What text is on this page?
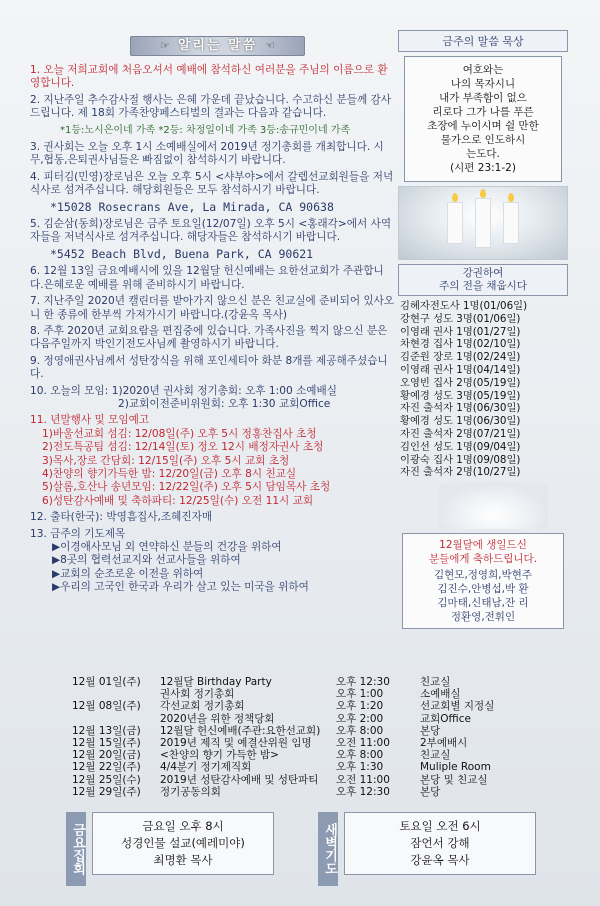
☞ 알리는 말씀 ☜
1. 오늘 저희교회에 처음오셔서 예배에 참석하신 여러분을 주님의 이름으로 환영합니다.
2. 지난주일 추수감사절 행사는 은혜 가운데 끝났습니다. 수고하신 분들께 감사드립니다. 제 18회 가족찬양페스티벌의 결과는 다음과 같습니다.
*1등:노시은이네 가족 *2등: 차정일이네 가족 3등:송규민이네 가족
3. 권사회는 오늘 오후 1시 소예배실에서 2019년 정기총회를 개최합니다. 시무,협동,은퇴권사님들은 빠짐없이 참석하시기 바랍니다.
4. 피터김(민영)장로님은 오늘 오후 5시 <샤부야>에서 갈렙선교회원들을 저녁식사로 섬겨주십니다. 해당회원들은 모두 참석하시기 바랍니다.
*15028 Rosecrans Ave, La Mirada, CA 90638
5. 김순삼(동희)장로님은 금주 토요일(12/07일) 오후 5시 <홍래각>에서 사역자들을 저녁식사로 섬겨주십니다. 해당자들은 참석하시기 바랍니다.
*5452 Beach Blvd, Buena Park, CA 90621
6. 12월 13일 금요예배시에 있을 12월달 헌신예배는 요한선교회가 주관합니다.은혜로운 예배를 위해 준비하시기 바랍니다.
7. 지난주일 2020년 캘린더를 받아가지 않으신 분은 친교실에 준비되어 있사오니 한 종류에 한부씩 가져가시기 바랍니다.(강윤옥 목사)
8. 주후 2020년 교회요람을 편집중에 있습니다. 가족사진을 찍지 않으신 분은 다음주일까지 박인기전도사님께 촬영하시기 바랍니다.
9. 정영애권사님께서 성탄장식을 위해 포인세티아 화분 8개를 제공해주셨습니다.
10. 오늘의 모임: 1)2020년 권사회 정기총회: 오후 1:00 소예배실
2)교회이전준비위원회: 오후 1:30 교회Office
11. 년말행사 및 모임예고
1)바울선교회 섬김: 12/08일(주) 오후 5시 정홍찬집사 초청
2)전도특공팀 섬김: 12/14일(토) 정오 12시 배정자권사 초청
3)목사,장로 간담회: 12/15일(주) 오후 5시 교회 초청
4)찬양의 향기가득한 밤: 12/20일(금) 오후 8시 친교실
5)살롬,호산나 송년모임: 12/22일(주) 오후 5시 담임목사 초청
6)성탄감사예배 및 축하파티: 12/25일(수) 오전 11시 교회
12. 출타(한국): 박영흠집사,조혜진자매
13. 금주의 기도제목
▶이경애사모님 외 연약하신 분들의 건강을 위하여
▶8곳의 협력선교지와 선교사들을 위하여
▶교회의 순조로운 이전을 위하여
▶우리의 고국인 한국과 우리가 살고 있는 미국을 위하여
금주의 말씀 묵상
여호와는
나의 목자시니
내가 부족함이 없으
리로다 그가 나를 푸른
초장에 누이시며 쉴 만한
물가으로 인도하시
는도다.
(시편 23:1-2)
강권하여
주의 전을 채웁시다
김혜자전도사 1명(01/06일)
강현구 성도 3명(01/06일)
이영래 권사 1명(01/27일)
차현경 집사 1명(02/10일)
김준원 장로 1명(02/24일)
이영래 권사 1명(04/14일)
오영빈 집사 2명(05/19일)
황예경 성도 3명(05/19일)
자진 출석자 1명(06/30일)
황예경 성도 1명(06/30일)
자진 출석자 2명(07/21일)
김인선 성도 1명(09/04일)
이광숙 집사 1명(09/08일)
자진 출석자 2명(10/27일)
12월달에 생일드신
분들에게 축하드립니다.
김현모,정영희,박현주
김진수,안병섭,박 환
김마태,신태남,잔 리
정환영,전휘인
12월 01일(주)	12월달 Birthday Party	오후 12:30	친교실
권사회 정기총회	오후 1:00	소예배실
12월 08일(주)	각선교회 정기총회	오후 1:20	선교회별 지정실
2020년을 위한 정책당회	오후 2:00	교회Office
12월 13일(금)	12월달 헌신예배(주관:요한선교회)	오후 8:00	본당
12월 15일(주)	2019년 제직 및 예결산위원 임명	오전 11:00	2부예배시
12월 20일(금)	<찬양의 향기 가득한 밤>	오후 8:00	친교실
12월 22일(주)	4/4분기 정기제직회	오후 1:30	Muliple Room
12월 25일(수)	2019년 성탄감사예배 및 성탄파티	오전 11:00	본당 및 친교실
12월 29일(주)	정기공동의회	오후 12:30	본당
금요집회	금요일 오후 8시
성경인물 설교(예레미야)
최명환 목사	새벽기도	토요일 오전 6시
잠언서 강해
강윤옥 목사
